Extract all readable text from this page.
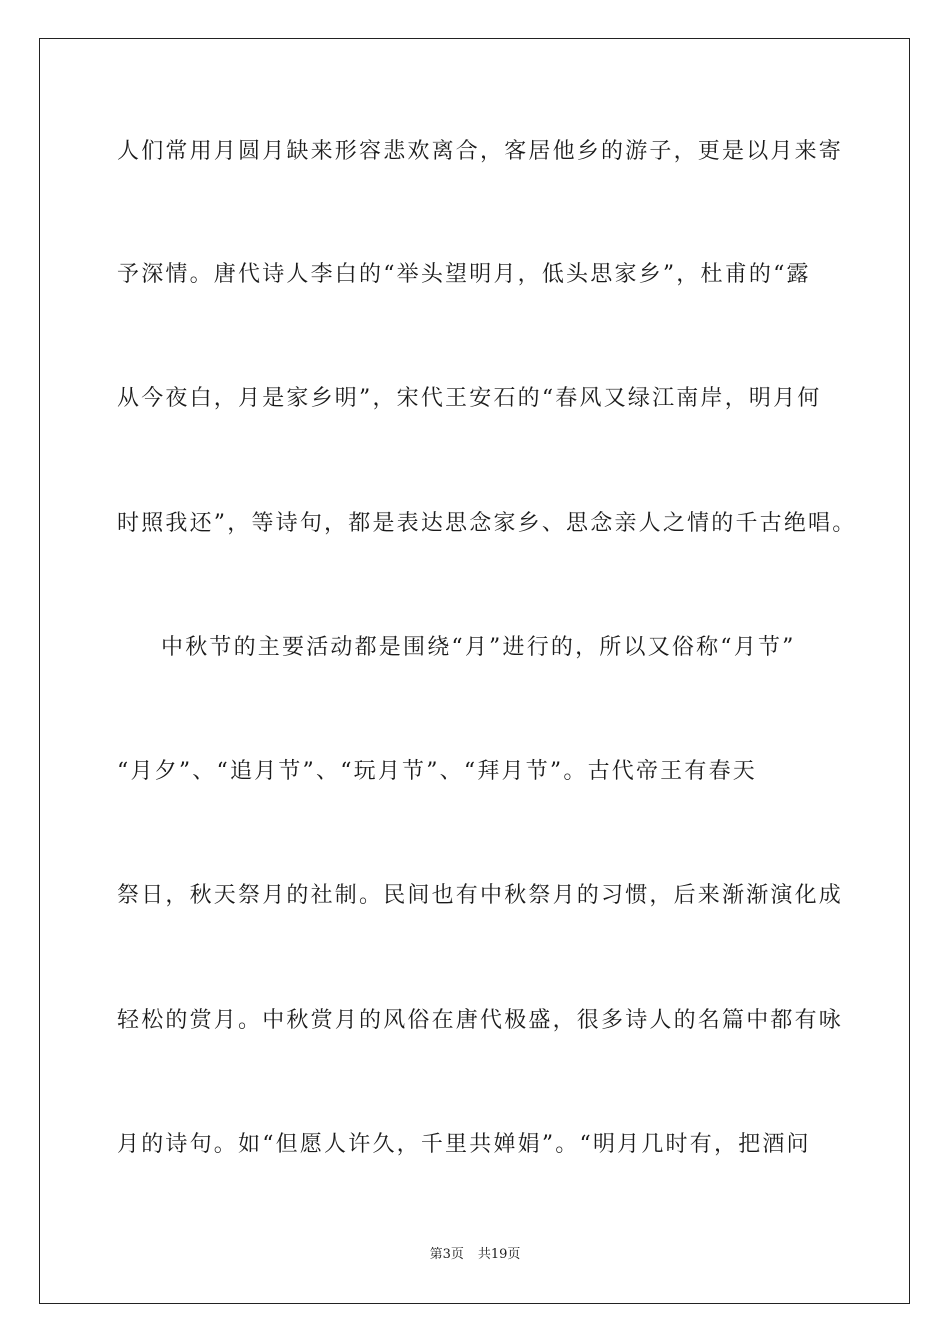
人们常用月圆月缺来形容悲欢离合，客居他乡的游子，更是以月来寄
予深情。唐代诗人李白的“举头望明月，低头思家乡”，杜甫的“露
从今夜白，月是家乡明”，宋代王安石的“春风又绿江南岸，明月何
时照我还”，等诗句，都是表达思念家乡、思念亲人之情的千古绝唱。
中秋节的主要活动都是围绕“月”进行的，所以又俗称“月节”
“月夕”、“追月节”、“玩月节”、“拜月节”。古代帝王有春天
祭日，秋天祭月的社制。民间也有中秋祭月的习惯，后来渐渐演化成
轻松的赏月。中秋赏月的风俗在唐代极盛，很多诗人的名篇中都有咏
月的诗句。如“但愿人许久，千里共婵娟”。“明月几时有，把酒问
第3页 共19页
